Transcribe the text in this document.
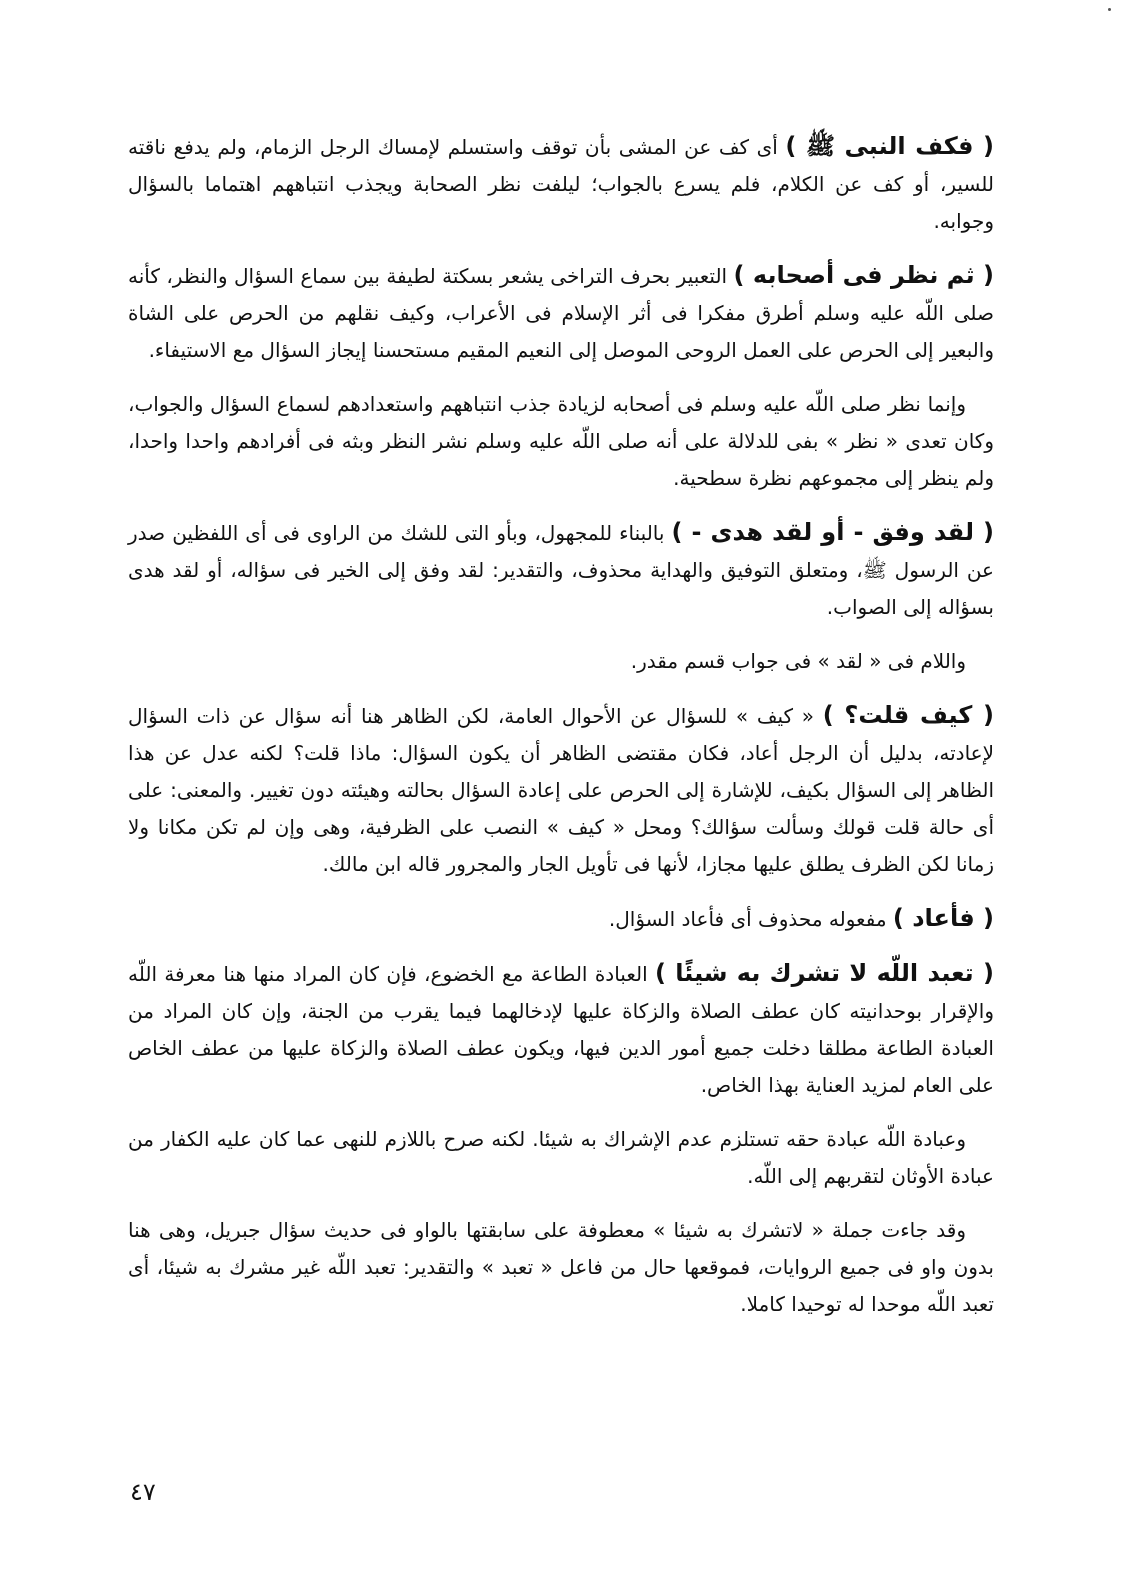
( فكف النبى ﷺ ) أى كف عن المشى بأن توقف واستسلم لإمساك الرجل الزمام، ولم يدفع ناقته للسير، أو كف عن الكلام، فلم يسرع بالجواب؛ ليلفت نظر الصحابة ويجذب انتباههم اهتماما بالسؤال وجوابه.

( ثم نظر فى أصحابه ) التعبير بحرف التراخى يشعر بسكتة لطيفة بين سماع السؤال والنظر، كأنه صلى اللّه عليه وسلم أطرق مفكرا فى أثر الإسلام فى الأعراب، وكيف نقلهم من الحرص على الشاة والبعير إلى الحرص على العمل الروحى الموصل إلى النعيم المقيم مستحسنا إيجاز السؤال مع الاستيفاء.

وإنما نظر صلى اللّه عليه وسلم فى أصحابه لزيادة جذب انتباههم واستعدادهم لسماع السؤال والجواب، وكان تعدى « نظر » بفى للدلالة على أنه صلى اللّه عليه وسلم نشر النظر وبثه فى أفرادهم واحدا واحدا، ولم ينظر إلى مجموعهم نظرة سطحية.

( لقد وفق - أو لقد هدى - ) بالبناء للمجهول، وبأو التى للشك من الراوى فى أى اللفظين صدر عن الرسول ﷺ، ومتعلق التوفيق والهداية محذوف، والتقدير: لقد وفق إلى الخير فى سؤاله، أو لقد هدى بسؤاله إلى الصواب.

واللام فى « لقد » فى جواب قسم مقدر.

( كيف قلت؟ ) « كيف » للسؤال عن الأحوال العامة، لكن الظاهر هنا أنه سؤال عن ذات السؤال لإعادته، بدليل أن الرجل أعاد، فكان مقتضى الظاهر أن يكون السؤال: ماذا قلت؟ لكنه عدل عن هذا الظاهر إلى السؤال بكيف، للإشارة إلى الحرص على إعادة السؤال بحالته وهيئته دون تغيير. والمعنى: على أى حالة قلت قولك وسألت سؤالك؟ ومحل « كيف » النصب على الظرفية، وهى وإن لم تكن مكانا ولا زمانا لكن الظرف يطلق عليها مجازا، لأنها فى تأويل الجار والمجرور قاله ابن مالك.

( فأعاد ) مفعوله محذوف أى فأعاد السؤال.

( تعبد اللّه لا تشرك به شيئًا ) العبادة الطاعة مع الخضوع، فإن كان المراد منها هنا معرفة اللّه والإقرار بوحدانيته كان عطف الصلاة والزكاة عليها لإدخالهما فيما يقرب من الجنة، وإن كان المراد من العبادة الطاعة مطلقا دخلت جميع أمور الدين فيها، ويكون عطف الصلاة والزكاة عليها من عطف الخاص على العام لمزيد العناية بهذا الخاص.

وعبادة اللّه عبادة حقه تستلزم عدم الإشراك به شيئا. لكنه صرح باللازم للنهى عما كان عليه الكفار من عبادة الأوثان لتقربهم إلى اللّه.

وقد جاءت جملة « لاتشرك به شيئا » معطوفة على سابقتها بالواو فى حديث سؤال جبريل، وهى هنا بدون واو فى جميع الروايات، فموقعها حال من فاعل « تعبد » والتقدير: تعبد اللّه غير مشرك به شيئا، أى تعبد اللّه موحدا له توحيدا كاملا.

٤٧
